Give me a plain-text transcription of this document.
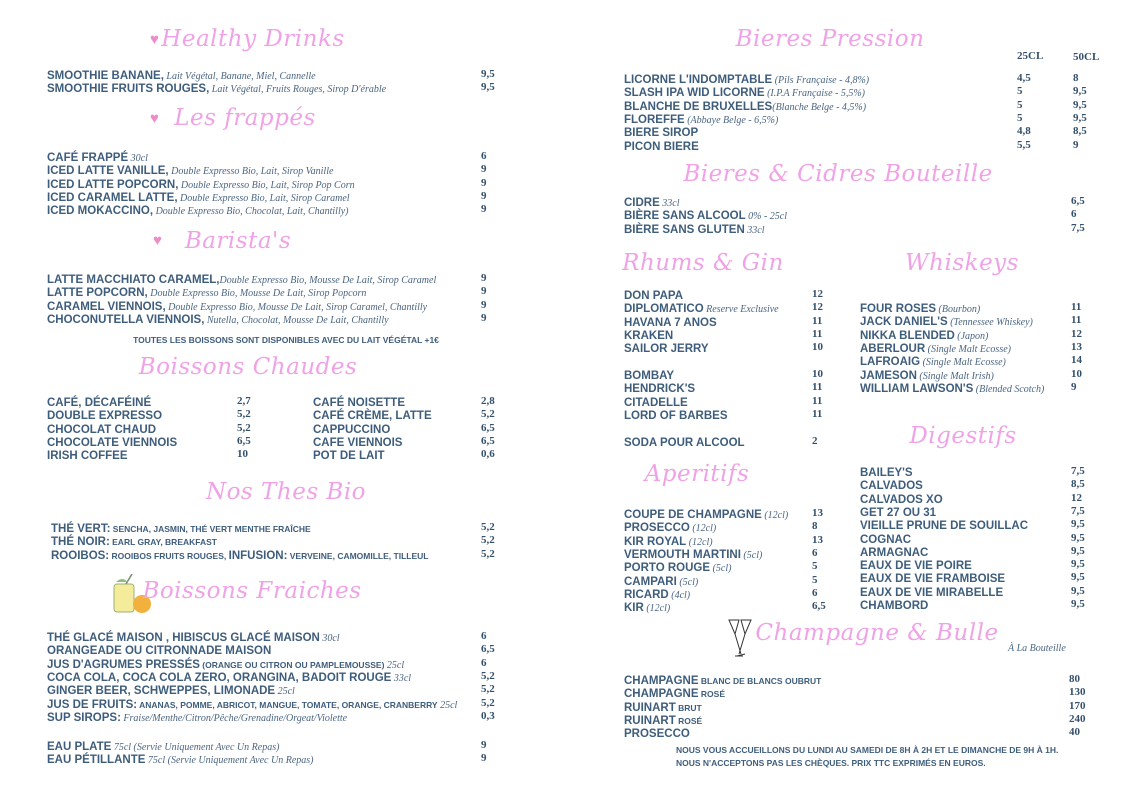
♥ Healthy Drinks
♥ Les frappés
♥ Barista's
TOUTES LES BOISSONS SONT DISPONIBLES AVEC DU LAIT VÉGÉTAL +1€
Boissons Chaudes
Nos Thes Bio
Boissons Fraiches
Bieres Pression
25CL	50CL
Bieres & Cidres Bouteille
Rhums & Gin	Whiskeys
Digestifs
Aperitifs
Champagne & Bulle
À La Bouteille
NOUS VOUS ACCUEILLONS DU LUNDI AU SAMEDI DE 8H À 2H ET LE DIMANCHE DE 9H À 1H.
NOUS N'ACCEPTONS PAS LES CHÈQUES. PRIX TTC EXPRIMÉS EN EUROS.
SMOOTHIE BANANE, Lait Végétal, Banane, Miel, Cannelle	9,5
SMOOTHIE FRUITS ROUGES, Lait Végétal, Fruits Rouges, Sirop D'érable	9,5
CAFÉ FRAPPÉ 30cl	6
ICED LATTE VANILLE, Double Expresso Bio, Lait, Sirop Vanille	9
ICED LATTE POPCORN, Double Expresso Bio, Lait, Sirop Pop Corn	9
ICED CARAMEL LATTE, Double Expresso Bio, Lait, Sirop Caramel	9
ICED MOKACCINO, Double Expresso Bio, Chocolat, Lait, Chantilly)	9
LATTE MACCHIATO CARAMEL,Double Expresso Bio, Mousse De Lait, Sirop Caramel	9
LATTE POPCORN, Double Expresso Bio, Mousse De Lait, Sirop Popcorn	9
CARAMEL VIENNOIS, Double Expresso Bio, Mousse De Lait, Sirop Caramel, Chantilly	9
CHOCONUTELLA VIENNOIS, Nutella, Chocolat, Mousse De Lait, Chantilly	9
CAFÉ, DÉCAFÉINÉ	2,7
DOUBLE EXPRESSO	5,2
CHOCOLAT CHAUD	5,2
CHOCOLATE VIENNOIS	6,5
IRISH COFFEE	10
CAFÉ NOISETTE	2,8
CAFÉ CRÈME, LATTE	5,2
CAPPUCCINO	6,5
CAFE VIENNOIS	6,5
POT DE LAIT	0,6
THÉ VERT: SENCHA, JASMIN, THÉ VERT MENTHE FRAÎCHE	5,2
THÉ NOIR: EARL GRAY, BREAKFAST	5,2
ROOIBOS: ROOIBOS FRUITS ROUGES, INFUSION: VERVEINE, CAMOMILLE, TILLEUL	5,2
THÉ GLACÉ MAISON , HIBISCUS GLACÉ MAISON 30cl	6
ORANGEADE OU CITRONNADE MAISON	6,5
JUS D'AGRUMES PRESSÉS (ORANGE OU CITRON OU PAMPLEMOUSSE) 25cl	6
COCA COLA, COCA COLA ZERO, ORANGINA, BADOIT ROUGE 33cl	5,2
GINGER BEER, SCHWEPPES, LIMONADE 25cl	5,2
JUS DE FRUITS: ANANAS, POMME, ABRICOT, MANGUE, TOMATE, ORANGE, CRANBERRY 25cl 5,2
SUP SIROPS: Fraise/Menthe/Citron/Pêche/Grenadine/Orgeat/Violette	0,3
EAU PLATE 75cl (Servie Uniquement Avec Un Repas)	9
EAU PÉTILLANTE 75cl (Servie Uniquement Avec Un Repas)	9
LICORNE L'INDOMPTABLE (Pils Française - 4,8%)	4,5	8
SLASH IPA WID LICORNE (I.P.A Française - 5,5%)	5	9,5
BLANCHE DE BRUXELLES(Blanche Belge - 4,5%)	5	9,5
FLOREFFE (Abbaye Belge - 6,5%)	5	9,5
BIERE SIROP	4,8	8,5
PICON BIERE	5,5	9
CIDRE 33cl	6,5
BIÈRE SANS ALCOOL 0% - 25cl	6
BIÈRE SANS GLUTEN 33cl	7,5
DON PAPA	12
DIPLOMATICO Reserve Exclusive	12
HAVANA 7 ANOS	11
KRAKEN	11
SAILOR JERRY	10
BOMBAY	10
HENDRICK'S	11
CITADELLE	11
LORD OF BARBES	11
SODA POUR ALCOOL	2
FOUR ROSES (Bourbon)	11
JACK DANIEL'S (Tennessee Whiskey)	11
NIKKA BLENDED (Japon)	12
ABERLOUR (Single Malt Ecosse)	13
LAFROAIG (Single Malt Ecosse)	14
JAMESON (Single Malt Irish)	10
WILLIAM LAWSON'S (Blended Scotch) 9
BAILEY'S	7,5
CALVADOS	8,5
CALVADOS XO	12
GET 27 OU 31	7,5
VIEILLE PRUNE DE SOUILLAC	9,5
COGNAC	9,5
ARMAGNAC	9,5
EAUX DE VIE POIRE	9,5
EAUX DE VIE FRAMBOISE	9,5
EAUX DE VIE MIRABELLE	9,5
CHAMBORD	9,5
COUPE DE CHAMPAGNE (12cl) 13
PROSECCO (12cl)	8
KIR ROYAL (12cl)	13
VERMOUTH MARTINI (5cl)	6
PORTO ROUGE (5cl)	5
CAMPARI (5cl)	5
RICARD (4cl)	6
KIR (12cl)	6,5
CHAMPAGNE BLANC DE BLANCS OUBRUT	80
CHAMPAGNE ROSÉ	130
RUINART BRUT	170
RUINART ROSÉ	240
PROSECCO	40
